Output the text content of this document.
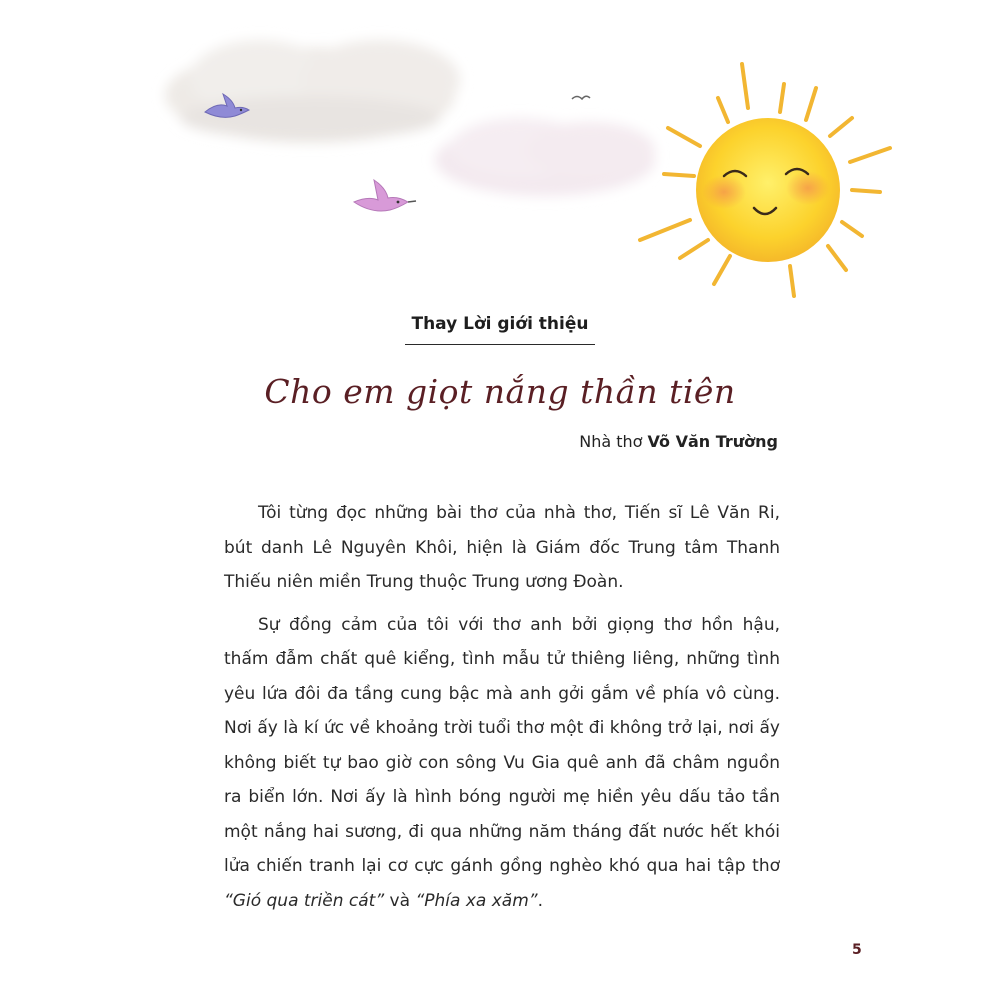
Thay Lời giới thiệu
Cho em giọt nắng thần tiên
Nhà thơ Võ Văn Trường

Tôi từng đọc những bài thơ của nhà thơ, Tiến sĩ Lê Văn Ri, bút danh Lê Nguyên Khôi, hiện là Giám đốc Trung tâm Thanh Thiếu niên miền Trung thuộc Trung ương Đoàn.

Sự đồng cảm của tôi với thơ anh bởi giọng thơ hồn hậu, thấm đẫm chất quê kiểng, tình mẫu tử thiêng liêng, những tình yêu lứa đôi đa tầng cung bậc mà anh gởi gắm về phía vô cùng. Nơi ấy là kí ức về khoảng trời tuổi thơ một đi không trở lại, nơi ấy không biết tự bao giờ con sông Vu Gia quê anh đã châm nguồn ra biển lớn. Nơi ấy là hình bóng người mẹ hiền yêu dấu tảo tần một nắng hai sương, đi qua những năm tháng đất nước hết khói lửa chiến tranh lại cơ cực gánh gồng nghèo khó qua hai tập thơ “Gió qua triền cát” và “Phía xa xăm”.

5
